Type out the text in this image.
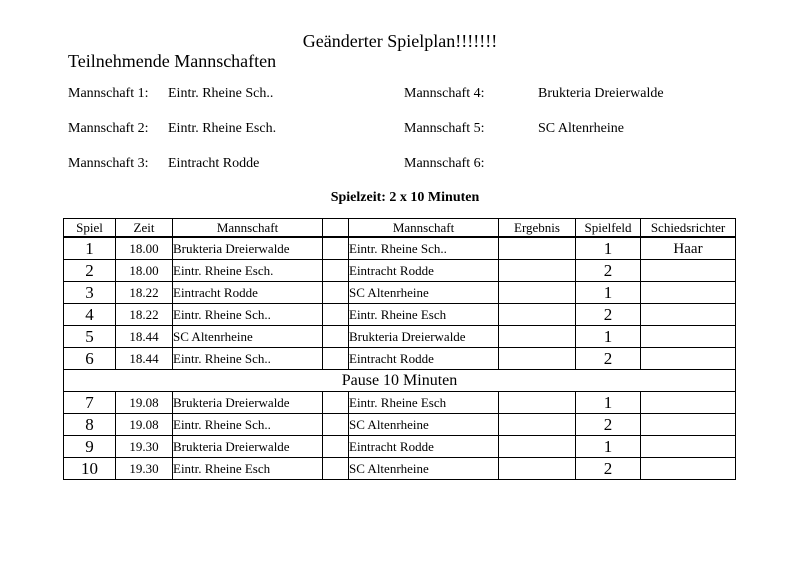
Geänderter Spielplan!!!!!!!
Teilnehmende Mannschaften
Mannschaft 1: Eintr. Rheine Sch..
Mannschaft 2: Eintr. Rheine Esch.
Mannschaft 3: Eintracht Rodde
Mannschaft 4:	Brukteria Dreierwalde
Mannschaft 5:	SC Altenrheine
Mannschaft 6:
Spielzeit: 2 x 10 Minuten
Spiel	Zeit	Mannschaft		Mannschaft	Ergebnis	Spielfeld	Schiedsrichter
1	18.00	Brukteria Dreierwalde		Eintr. Rheine Sch..		1	Haar
2	18.00	Eintr. Rheine Esch.		Eintracht Rodde		2	
3	18.22	Eintracht Rodde		SC Altenrheine		1	
4	18.22	Eintr. Rheine Sch..		Eintr. Rheine Esch		2	
5	18.44	SC Altenrheine		Brukteria Dreierwalde		1	
6	18.44	Eintr. Rheine Sch..		Eintracht Rodde		2	
Pause 10 Minuten							
7	19.08	Brukteria Dreierwalde		Eintr. Rheine Esch		1	
8	19.08	Eintr. Rheine Sch..		SC Altenrheine		2	
9	19.30	Brukteria Dreierwalde		Eintracht Rodde		1	
10	19.30	Eintr. Rheine Esch		SC Altenrheine		2	
